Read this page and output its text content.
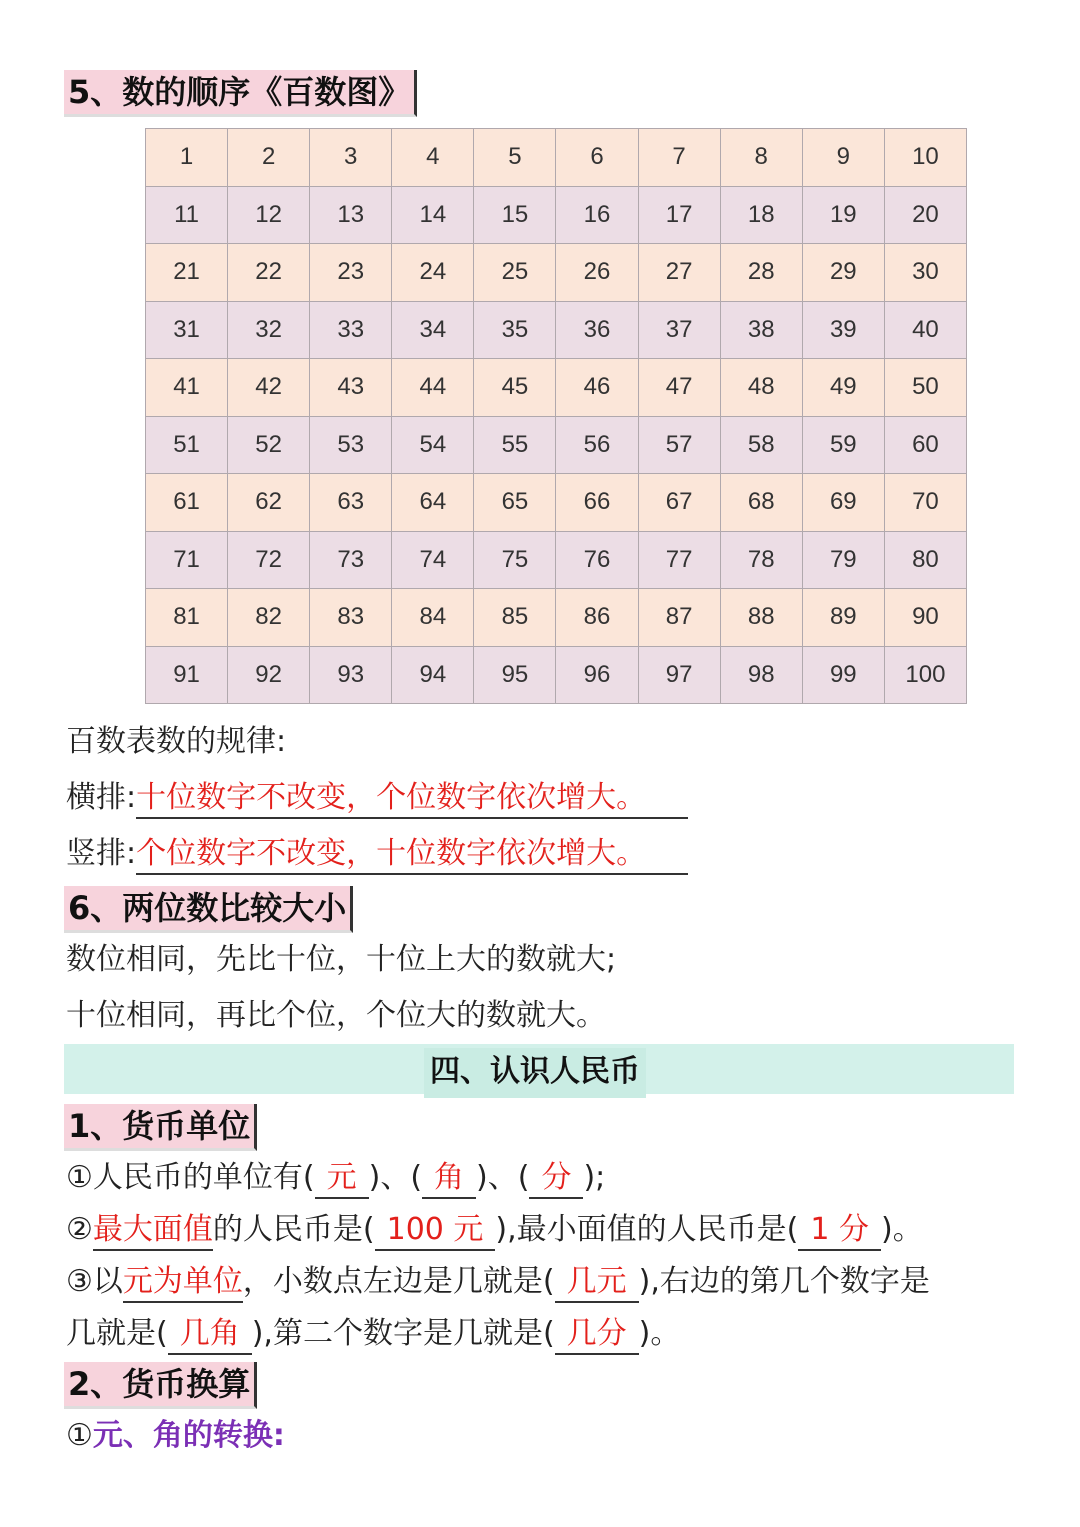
5、数的顺序《百数图》
1	2	3	4	5	6	7	8	9	10
11	12	13	14	15	16	17	18	19	20
21	22	23	24	25	26	27	28	29	30
31	32	33	34	35	36	37	38	39	40
41	42	43	44	45	46	47	48	49	50
51	52	53	54	55	56	57	58	59	60
61	62	63	64	65	66	67	68	69	70
71	72	73	74	75	76	77	78	79	80
81	82	83	84	85	86	87	88	89	90
91	92	93	94	95	96	97	98	99	100
百数表数的规律:
横排:十位数字不改变，个位数字依次增大。
竖排:个位数字不改变，十位数字依次增大。
6、两位数比较大小
数位相同，先比十位，十位上大的数就大;
十位相同，再比个位，个位大的数就大。
四、认识人民币
1、货币单位
①人民币的单位有( 元 )、( 角 )、( 分 );
②最大面值的人民币是( 100 元 ),最小面值的人民币是( 1 分 )。
③以元为单位，小数点左边是几就是( 几元 ),右边的第几个数字是
几就是( 几角 ),第二个数字是几就是( 几分 )。
2、货币换算
①元、角的转换:
